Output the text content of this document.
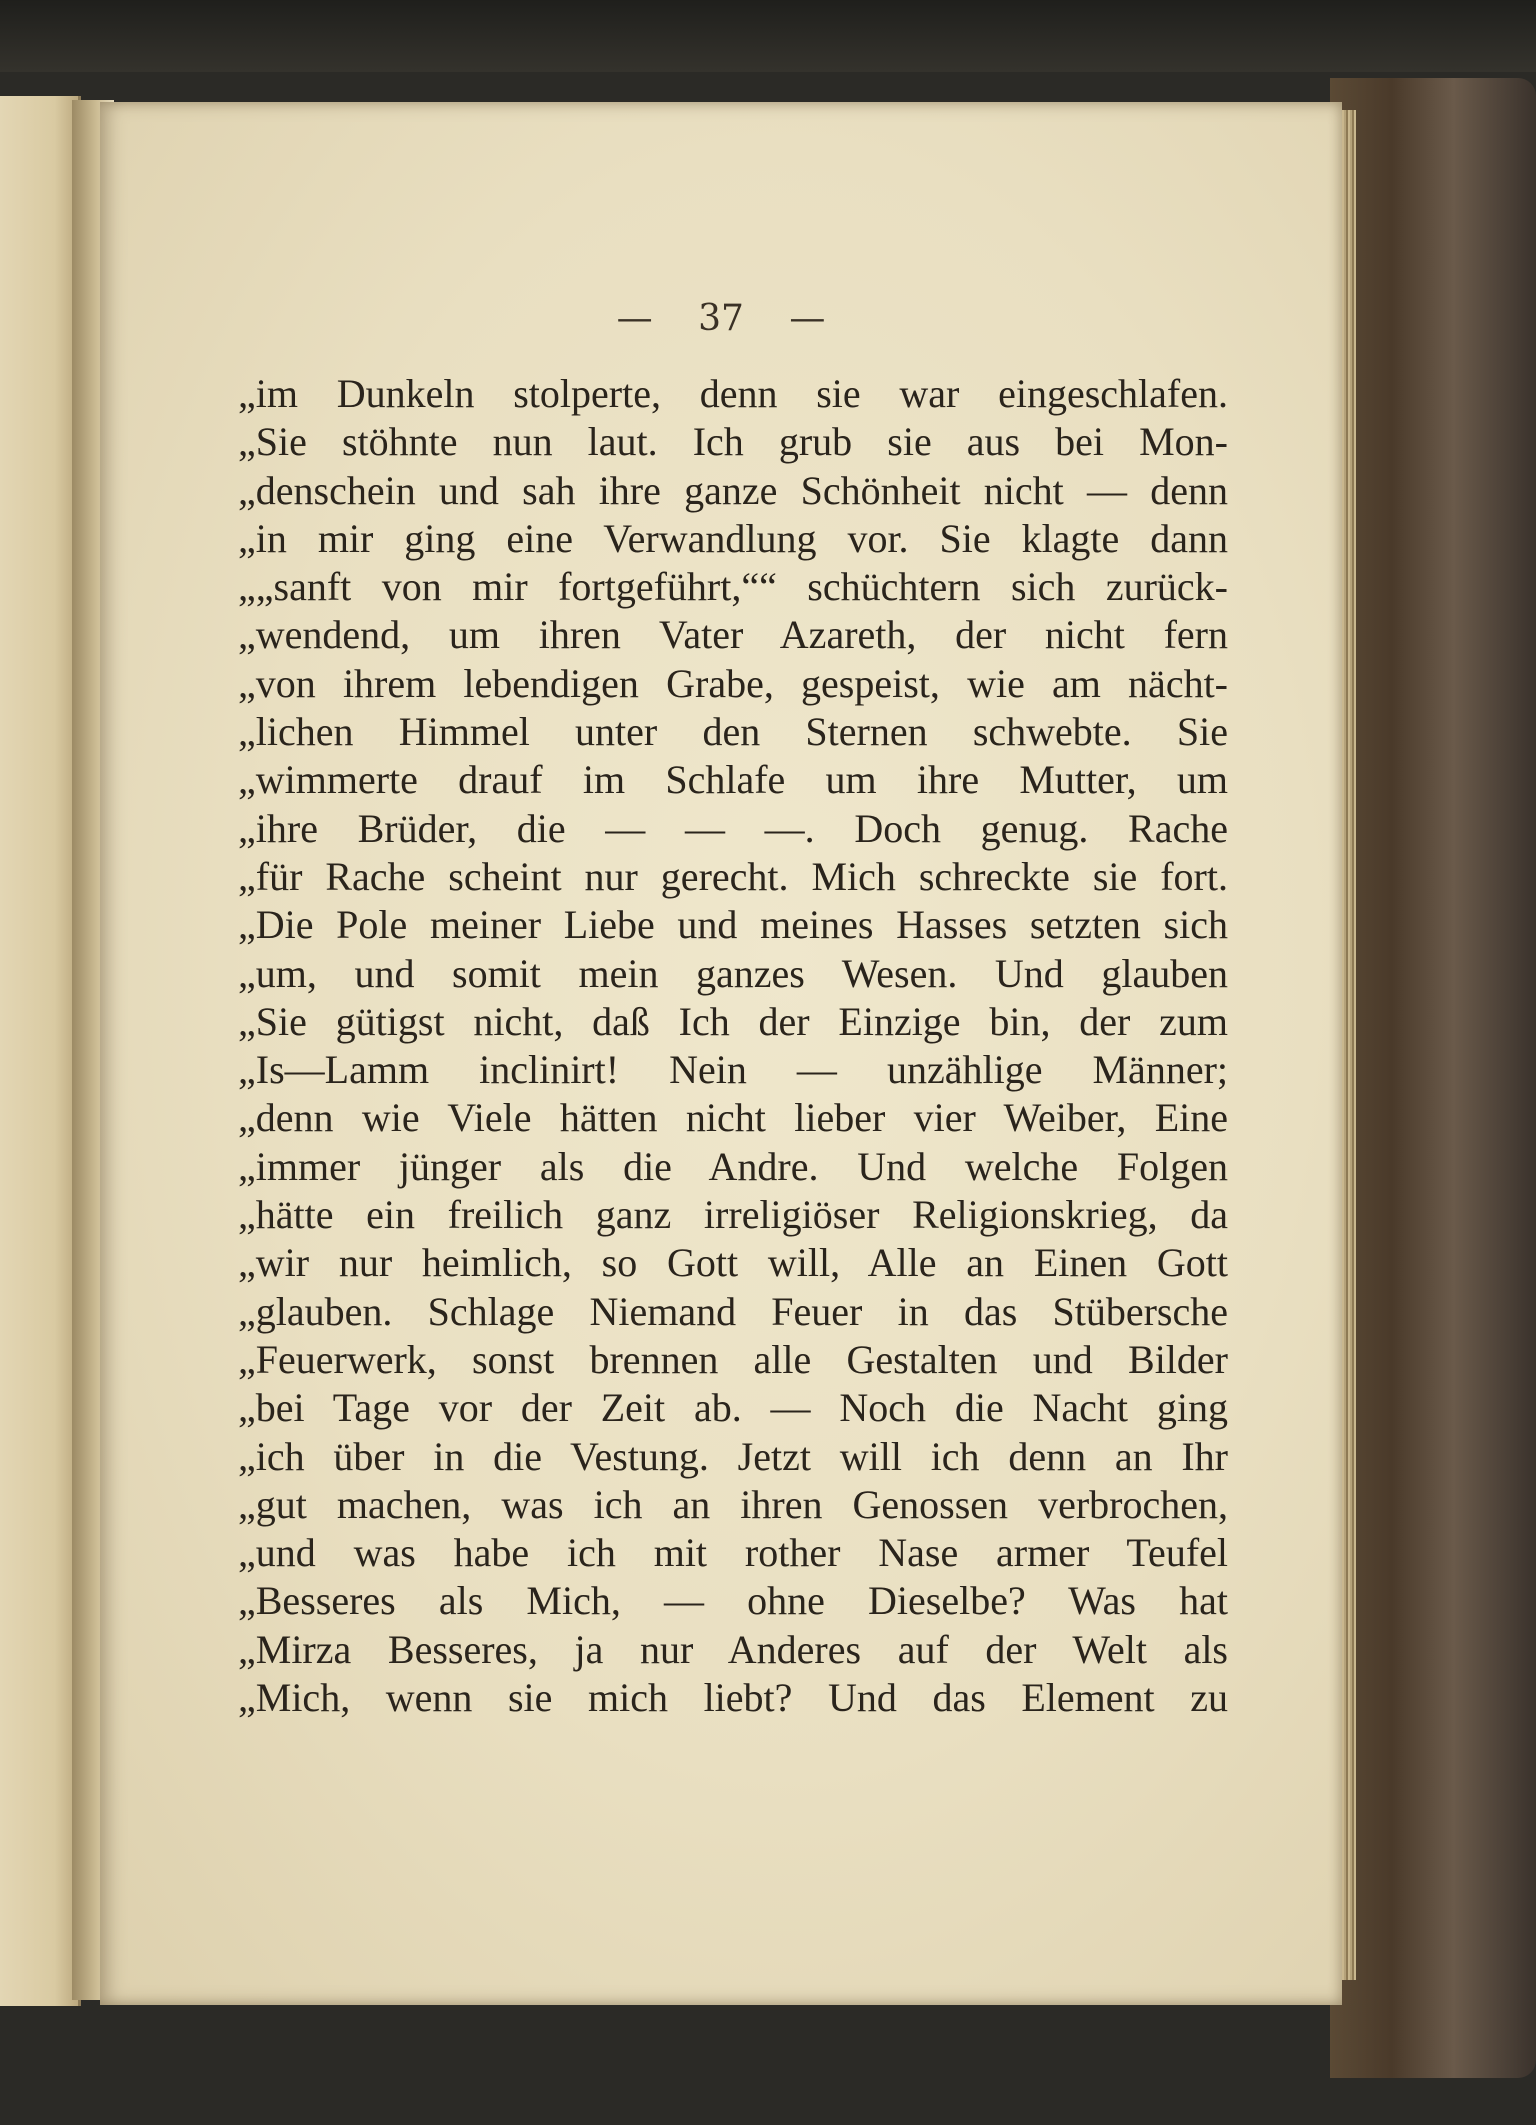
— 37 —
„im Dunkeln stolperte, denn sie war eingeschlafen.
„Sie stöhnte nun laut. Ich grub sie aus bei Mon-
„denschein und sah ihre ganze Schönheit nicht — denn
„in mir ging eine Verwandlung vor. Sie klagte dann
„„sanft von mir fortgeführt,““ schüchtern sich zurück-
„wendend, um ihren Vater Azareth, der nicht fern
„von ihrem lebendigen Grabe, gespeist, wie am nächt-
„lichen Himmel unter den Sternen schwebte. Sie
„wimmerte drauf im Schlafe um ihre Mutter, um
„ihre Brüder, die — — —. Doch genug. Rache
„für Rache scheint nur gerecht. Mich schreckte sie fort.
„Die Pole meiner Liebe und meines Hasses setzten sich
„um, und somit mein ganzes Wesen. Und glauben
„Sie gütigst nicht, daß Ich der Einzige bin, der zum
„Is—Lamm inclinirt! Nein — unzählige Männer;
„denn wie Viele hätten nicht lieber vier Weiber, Eine
„immer jünger als die Andre. Und welche Folgen
„hätte ein freilich ganz irreligiöser Religionskrieg, da
„wir nur heimlich, so Gott will, Alle an Einen Gott
„glauben. Schlage Niemand Feuer in das Stübersche
„Feuerwerk, sonst brennen alle Gestalten und Bilder
„bei Tage vor der Zeit ab. — Noch die Nacht ging
„ich über in die Vestung. Jetzt will ich denn an Ihr
„gut machen, was ich an ihren Genossen verbrochen,
„und was habe ich mit rother Nase armer Teufel
„Besseres als Mich, — ohne Dieselbe? Was hat
„Mirza Besseres, ja nur Anderes auf der Welt als
„Mich, wenn sie mich liebt? Und das Element zu
